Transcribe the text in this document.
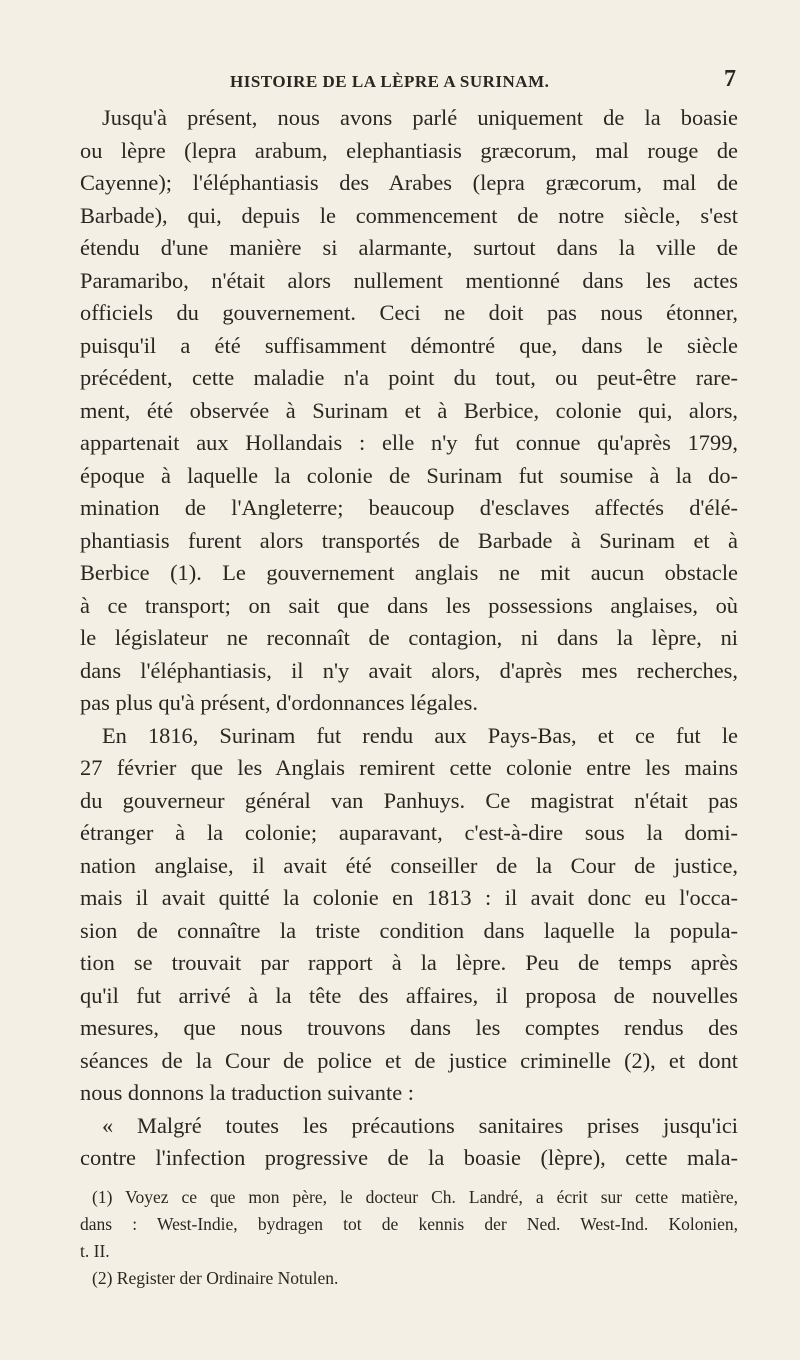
HISTOIRE DE LA LÈPRE A SURINAM.	7
Jusqu'à présent, nous avons parlé uniquement de la boasie
ou lèpre (lepra arabum, elephantiasis græcorum, mal rouge de
Cayenne); l'éléphantiasis des Arabes (lepra græcorum, mal de
Barbade), qui, depuis le commencement de notre siècle, s'est
étendu d'une manière si alarmante, surtout dans la ville de
Paramaribo, n'était alors nullement mentionné dans les actes
officiels du gouvernement. Ceci ne doit pas nous étonner,
puisqu'il a été suffisamment démontré que, dans le siècle
précédent, cette maladie n'a point du tout, ou peut-être rare-
ment, été observée à Surinam et à Berbice, colonie qui, alors,
appartenait aux Hollandais : elle n'y fut connue qu'après 1799,
époque à laquelle la colonie de Surinam fut soumise à la do-
mination de l'Angleterre; beaucoup d'esclaves affectés d'élé-
phantiasis furent alors transportés de Barbade à Surinam et à
Berbice (1). Le gouvernement anglais ne mit aucun obstacle
à ce transport; on sait que dans les possessions anglaises, où
le législateur ne reconnaît de contagion, ni dans la lèpre, ni
dans l'éléphantiasis, il n'y avait alors, d'après mes recherches,
pas plus qu'à présent, d'ordonnances légales.
En 1816, Surinam fut rendu aux Pays-Bas, et ce fut le
27 février que les Anglais remirent cette colonie entre les mains
du gouverneur général van Panhuys. Ce magistrat n'était pas
étranger à la colonie; auparavant, c'est-à-dire sous la domi-
nation anglaise, il avait été conseiller de la Cour de justice,
mais il avait quitté la colonie en 1813 : il avait donc eu l'occa-
sion de connaître la triste condition dans laquelle la popula-
tion se trouvait par rapport à la lèpre. Peu de temps après
qu'il fut arrivé à la tête des affaires, il proposa de nouvelles
mesures, que nous trouvons dans les comptes rendus des
séances de la Cour de police et de justice criminelle (2), et dont
nous donnons la traduction suivante :
« Malgré toutes les précautions sanitaires prises jusqu'ici
contre l'infection progressive de la boasie (lèpre), cette mala-
(1) Voyez ce que mon père, le docteur Ch. Landré, a écrit sur cette matière,
dans : West-Indie, bydragen tot de kennis der Ned. West-Ind. Kolonien,
t. II.
(2) Register der Ordinaire Notulen.
